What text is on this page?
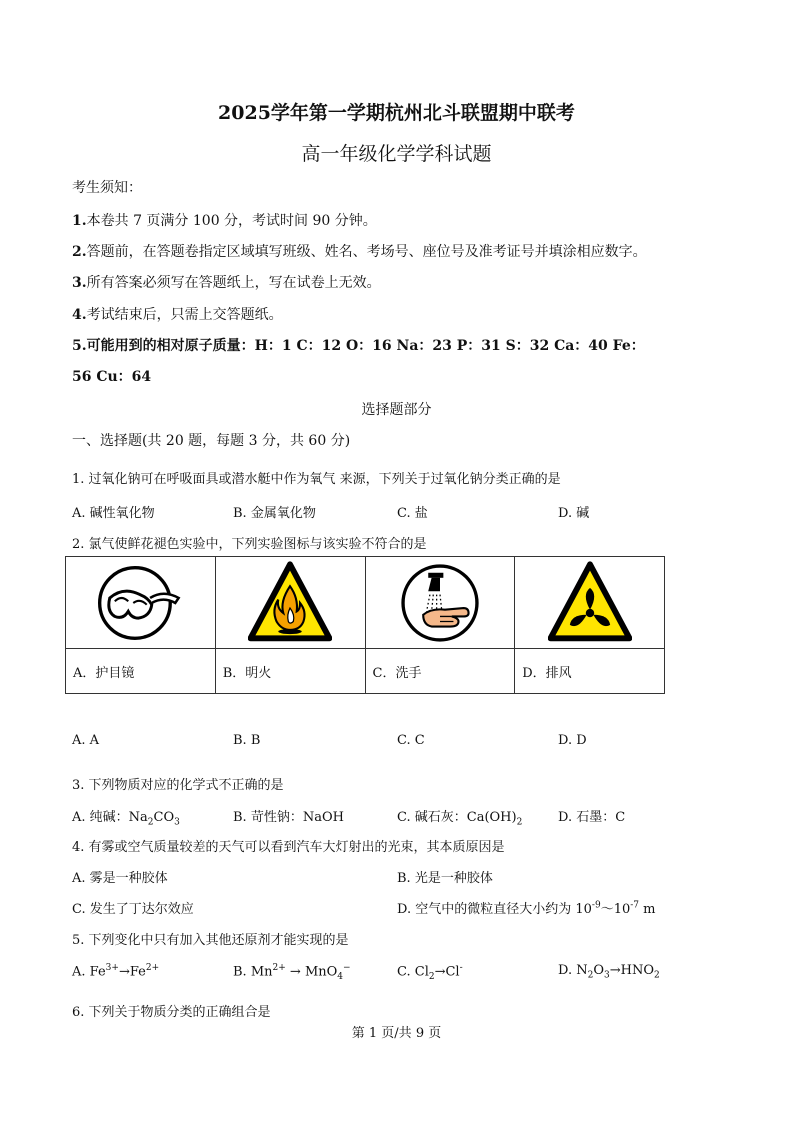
2025学年第一学期杭州北斗联盟期中联考
高一年级化学学科试题
考生须知：
1.本卷共 7 页满分 100 分，考试时间 90 分钟。
2.答题前，在答题卷指定区域填写班级、姓名、考场号、座位号及准考证号并填涂相应数字。
3.所有答案必须写在答题纸上，写在试卷上无效。
4.考试结束后，只需上交答题纸。
5.可能用到的相对原子质量：H：1 C：12 O：16 Na：23 P：31 S：32 Ca：40 Fe：
56 Cu：64
选择题部分
一、选择题(共 20 题，每题 3 分，共 60 分)
1. 过氧化钠可在呼吸面具或潜水艇中作为氧气 来源，下列关于过氧化钠分类正确的是
A. 碱性氧化物	B. 金属氧化物	C. 盐	D. 碱
2. 氯气使鲜花褪色实验中，下列实验图标与该实验不符合的是

A．护目镜	B．明火	C．洗手	D．排风
A. A	B. B	C. C	D. D
3. 下列物质对应的化学式不正确的是
A. 纯碱：$Na_2CO_3$	B. 苛性钠：NaOH	C. 碱石灰：$Ca(OH)_2$	D. 石墨：C
4. 有雾或空气质量较差的天气可以看到汽车大灯射出的光束，其本质原因是
A. 雾是一种胶体	B. 光是一种胶体
C. 发生了丁达尔效应	D. 空气中的微粒直径大小约为 $10^{-9}\sim 10^{-7}$ m
5. 下列变化中只有加入其他还原剂才能实现的是
A. $Fe^{3+}\to Fe^{2+}$	B. $Mn^{2+} \to MnO_4^-$	C. $Cl_2\to Cl^-$	D. $N_2O_3\to HNO_2$
6. 下列关于物质分类的正确组合是
第 1 页/共 9 页
